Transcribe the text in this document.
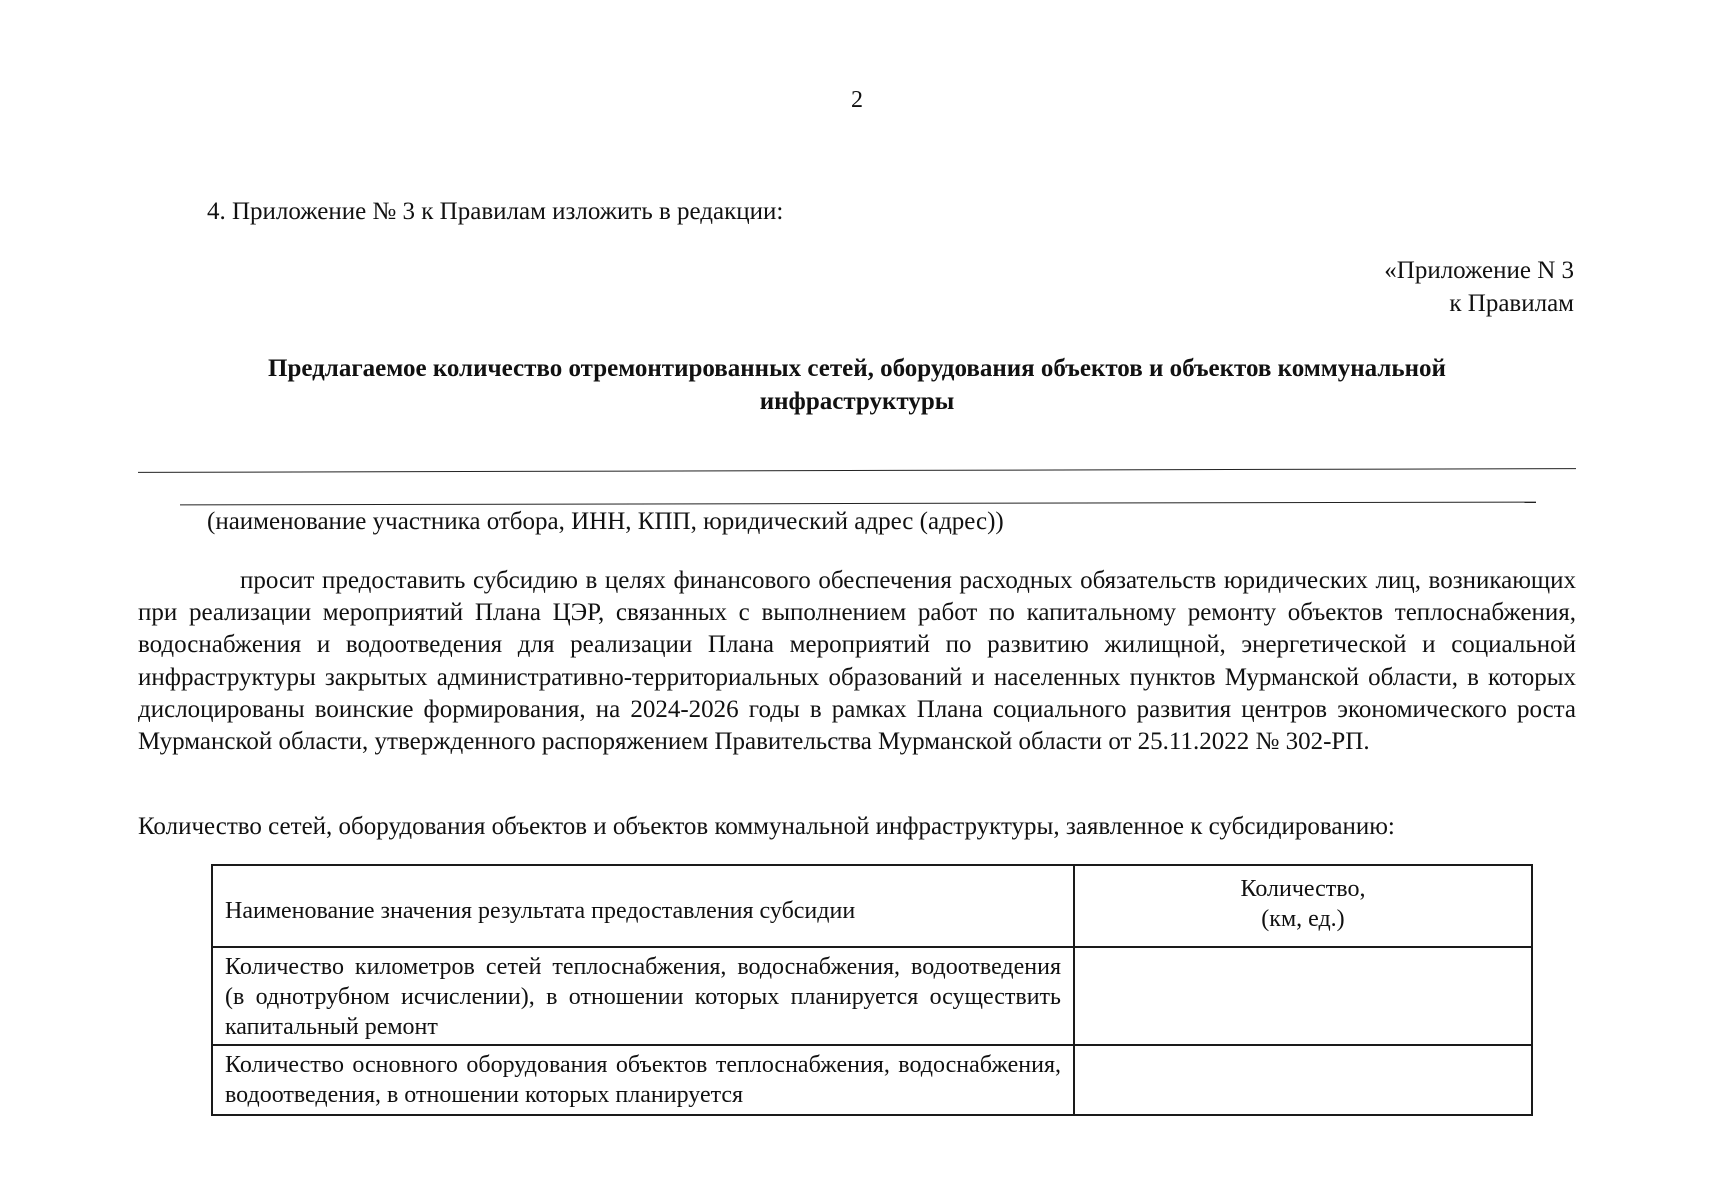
2
4. Приложение № 3 к Правилам изложить в редакции:
«Приложение N 3
к Правилам
Предлагаемое количество отремонтированных сетей, оборудования объектов и объектов коммунальной
инфраструктуры
(наименование участника отбора, ИНН, КПП, юридический адрес (адрес))
просит предоставить субсидию в целях финансового обеспечения расходных обязательств юридических лиц, возникающих при реализации мероприятий Плана ЦЭР, связанных с выполнением работ по капитальному ремонту объектов теплоснабжения, водоснабжения и водоотведения для реализации Плана мероприятий по развитию жилищной, энергетической и социальной инфраструктуры закрытых административно-территориальных образований и населенных пунктов Мурманской области, в которых дислоцированы воинские формирования, на 2024-2026 годы в рамках Плана социального развития центров экономического роста Мурманской области, утвержденного распоряжением Правительства Мурманской области от 25.11.2022 № 302-РП.
Количество сетей, оборудования объектов и объектов коммунальной инфраструктуры, заявленное к субсидированию:
Наименование значения результата предоставления субсидии	Количество,
(км, ед.)

Количество километров сетей теплоснабжения, водоснабжения, водоотведения (в однотрубном исчислении), в отношении которых планируется осуществить капитальный ремонт	
Количество основного оборудования объектов теплоснабжения, водоснабжения, водоотведения, в отношении которых планируется	
